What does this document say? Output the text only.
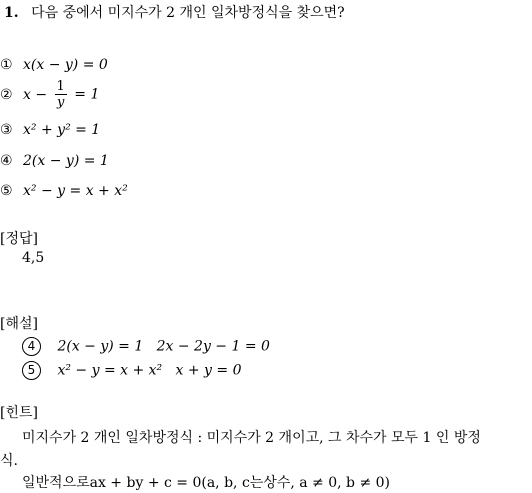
1. 다음 중에서 미지수가 2 개인 일차방정식을 찾으면?
① x(x − y) = 0
② $x - \frac{1}{y} = 1$
③ x² + y² = 1
④ 2(x − y) = 1
⑤ x² − y = x + x²
[정답]
4,5
[해설]
4 2(x − y) = 1   2x − 2y − 1 = 0
5 x² − y = x + x²   x + y = 0
[힌트]
미지수가 2 개인 일차방정식 : 미지수가 2 개이고, 그 차수가 모두 1 인 방정
식.
일반적으로ax + by + c = 0(a, b, c는상수, a ≠ 0, b ≠ 0)
